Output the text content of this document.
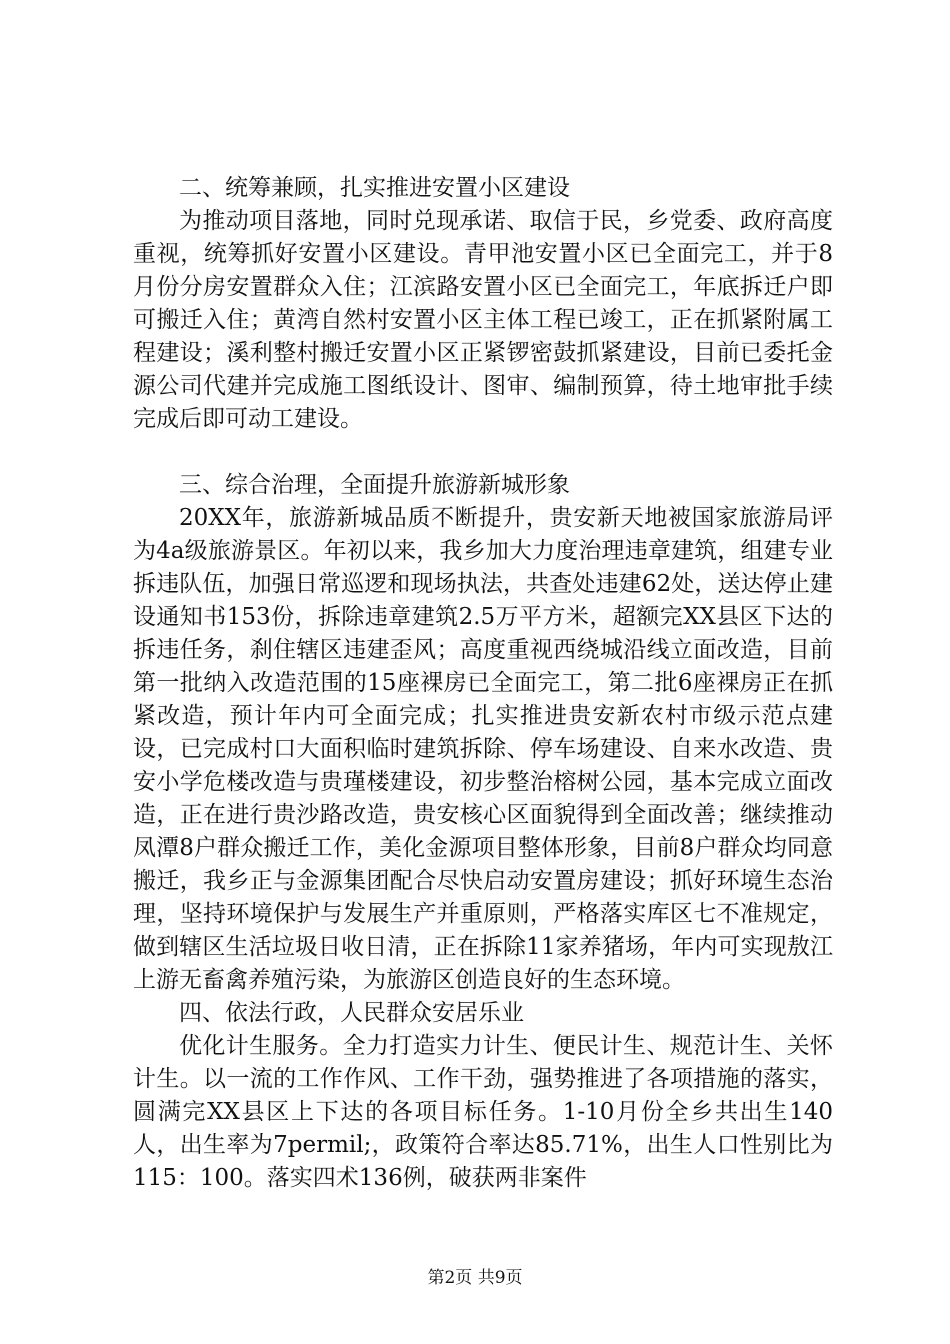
二、统筹兼顾，扎实推进安置小区建设

为推动项目落地，同时兑现承诺、取信于民，乡党委、政府高度重视，统筹抓好安置小区建设。青甲池安置小区已全面完工，并于8月份分房安置群众入住；江滨路安置小区已全面完工，年底拆迁户即可搬迁入住；黄湾自然村安置小区主体工程已竣工，正在抓紧附属工程建设；溪利整村搬迁安置小区正紧锣密鼓抓紧建设，目前已委托金源公司代建并完成施工图纸设计、图审、编制预算，待土地审批手续完成后即可动工建设。

三、综合治理，全面提升旅游新城形象

20XX年，旅游新城品质不断提升，贵安新天地被国家旅游局评为4a级旅游景区。年初以来，我乡加大力度治理违章建筑，组建专业拆违队伍，加强日常巡逻和现场执法，共查处违建62处，送达停止建设通知书153份，拆除违章建筑2.5万平方米，超额完XX县区下达的拆违任务，刹住辖区违建歪风；高度重视西绕城沿线立面改造，目前第一批纳入改造范围的15座裸房已全面完工，第二批6座裸房正在抓紧改造，预计年内可全面完成；扎实推进贵安新农村市级示范点建设，已完成村口大面积临时建筑拆除、停车场建设、自来水改造、贵安小学危楼改造与贵瑾楼建设，初步整治榕树公园，基本完成立面改造，正在进行贵沙路改造，贵安核心区面貌得到全面改善；继续推动凤潭8户群众搬迁工作，美化金源项目整体形象，目前8户群众均同意搬迁，我乡正与金源集团配合尽快启动安置房建设；抓好环境生态治理，坚持环境保护与发展生产并重原则，严格落实库区七不准规定，做到辖区生活垃圾日收日清，正在拆除11家养猪场，年内可实现敖江上游无畜禽养殖污染，为旅游区创造良好的生态环境。

四、依法行政，人民群众安居乐业

优化计生服务。全力打造实力计生、便民计生、规范计生、关怀计生。以一流的工作作风、工作干劲，强势推进了各项措施的落实，圆满完XX县区上下达的各项目标任务。1-10月份全乡共出生140人，出生率为7permil;，政策符合率达85.71%，出生人口性别比为115：100。落实四术136例，破获两非案件

第2页 共9页
